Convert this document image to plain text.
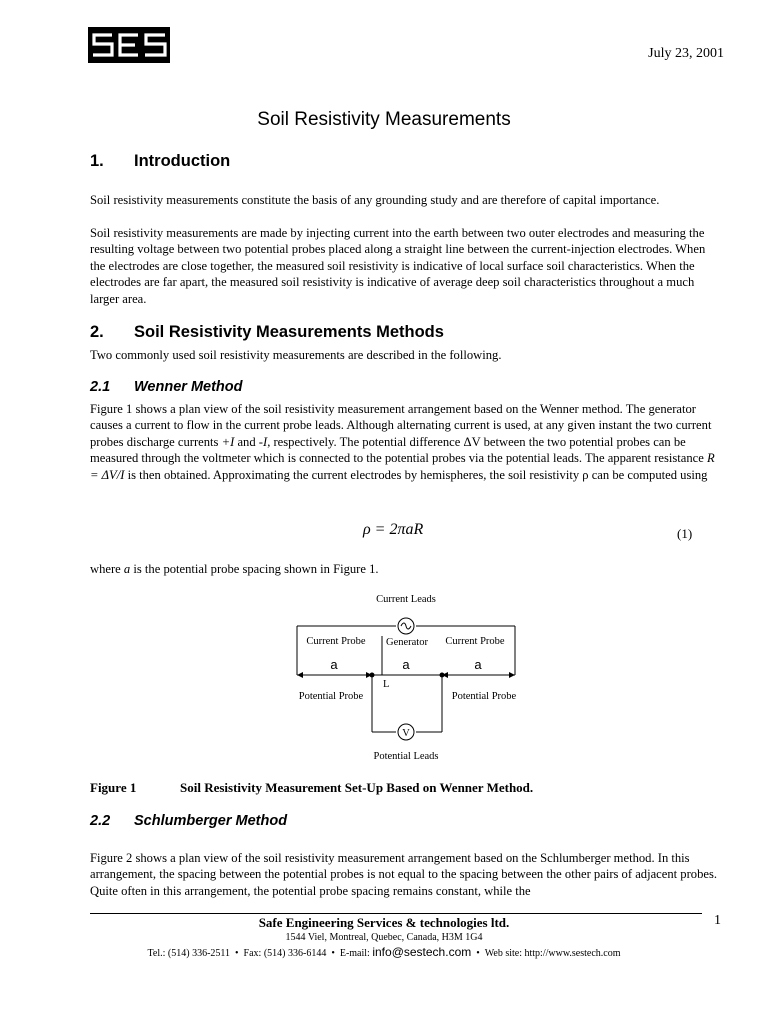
July 23, 2001
Soil Resistivity Measurements
1. Introduction

Soil resistivity measurements constitute the basis of any grounding study and are therefore of capital importance.

Soil resistivity measurements are made by injecting current into the earth between two outer electrodes and measuring the resulting voltage between two potential probes placed along a straight line between the current-injection electrodes. When the electrodes are close together, the measured soil resistivity is indicative of local surface soil characteristics. When the electrodes are far apart, the measured soil resistivity is indicative of average deep soil characteristics throughout a much larger area.

2. Soil Resistivity Measurements Methods

Two commonly used soil resistivity measurements are described in the following.

2.1 Wenner Method

Figure 1 shows a plan view of the soil resistivity measurement arrangement based on the Wenner method. The generator causes a current to flow in the current probe leads. Although alternating current is used, at any given instant the two current probes discharge currents +I and -I, respectively. The potential difference ΔV between the two potential probes can be measured through the voltmeter which is connected to the potential probes via the potential leads. The apparent resistance R = ΔV/I is then obtained. Approximating the current electrodes by hemispheres, the soil resistivity ρ can be computed using

ρ = 2πaR	(1)

where a is the potential probe spacing shown in Figure 1.

V
Current Leads
Current Probe Generator Current Probe
a	a	a
L
Potential Probe	Potential Probe
Potential Leads
Figure 1	Soil Resistivity Measurement Set-Up Based on Wenner Method.
2.2 Schlumberger Method

Figure 2 shows a plan view of the soil resistivity measurement arrangement based on the Schlumberger method. In this arrangement, the spacing between the potential probes is not equal to the spacing between the other pairs of adjacent probes. Quite often in this arrangement, the potential probe spacing remains constant, while the

1
Safe Engineering Services & technologies ltd.
1544 Viel, Montreal, Quebec, Canada, H3M 1G4
Tel.: (514) 336-2511 • Fax: (514) 336-6144 • E-mail: info@sestech.com • Web site: http://www.sestech.com
